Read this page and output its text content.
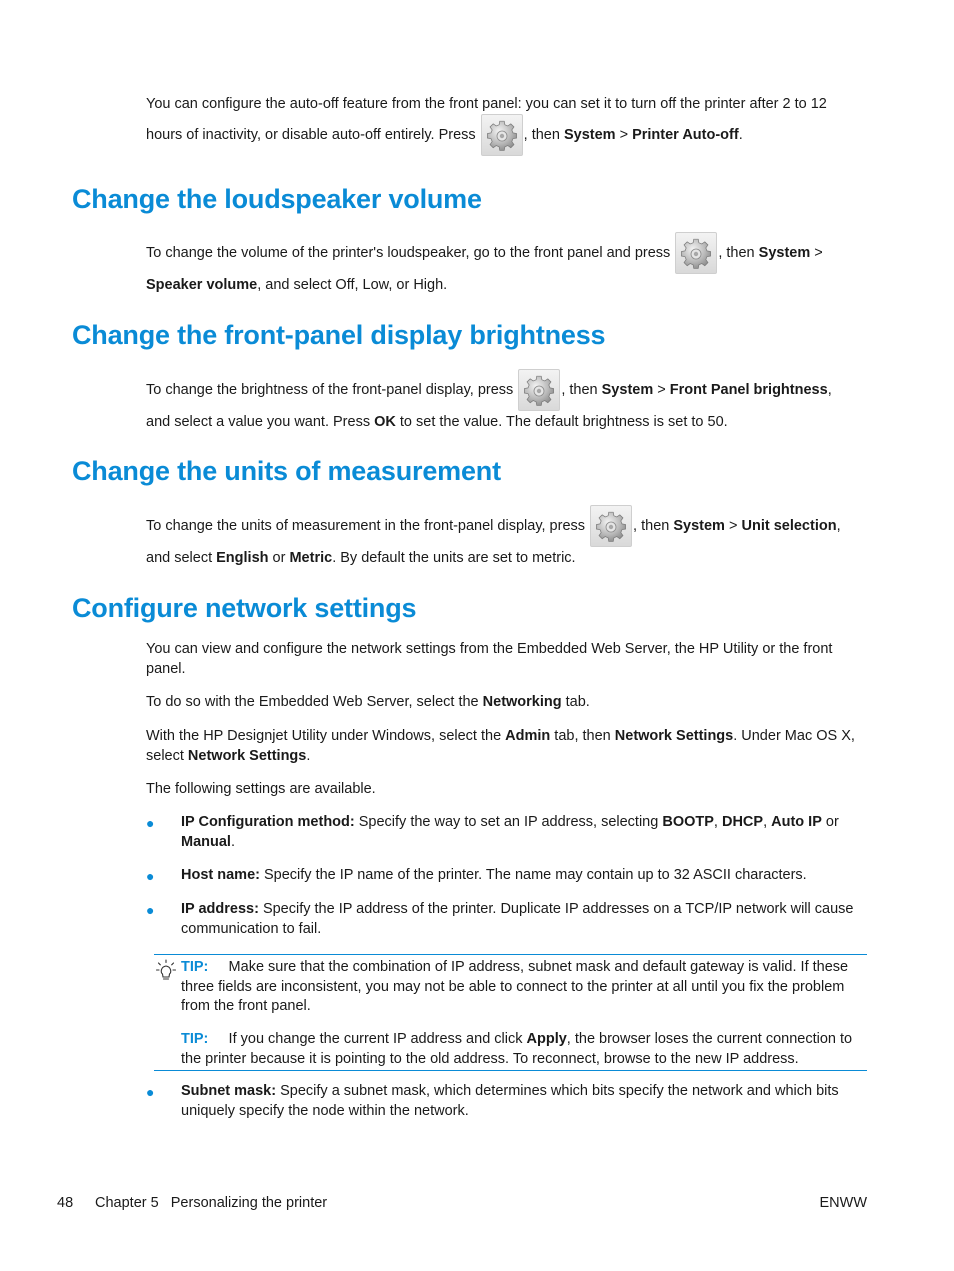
You can configure the auto-off feature from the front panel: you can set it to turn off the printer after 2 to 12

hours of inactivity, or disable auto-off entirely. Press	, then System > Printer Auto-off.

Change the loudspeaker volume

To change the volume of the printer's loudspeaker, go to the front panel and press	, then System >

Speaker volume, and select Off, Low, or High.

Change the front-panel display brightness

To change the brightness of the front-panel display, press	, then System > Front Panel brightness,

and select a value you want. Press OK to set the value. The default brightness is set to 50.

Change the units of measurement

To change the units of measurement in the front-panel display, press	, then System > Unit selection,

and select English or Metric. By default the units are set to metric.

Configure network settings

You can view and configure the network settings from the Embedded Web Server, the HP Utility or the front panel.

To do so with the Embedded Web Server, select the Networking tab.

With the HP Designjet Utility under Windows, select the Admin tab, then Network Settings. Under Mac OS X, select Network Settings.

The following settings are available.

● IP Configuration method: Specify the way to set an IP address, selecting BOOTP, DHCP, Auto IP or Manual.

● Host name: Specify the IP name of the printer. The name may contain up to 32 ASCII characters.

● IP address: Specify the IP address of the printer. Duplicate IP addresses on a TCP/IP network will cause communication to fail.

TIP: Make sure that the combination of IP address, subnet mask and default gateway is valid. If these three fields are inconsistent, you may not be able to connect to the printer at all until you fix the problem from the front panel.

TIP: If you change the current IP address and click Apply, the browser loses the current connection to the printer because it is pointing to the old address. To reconnect, browse to the new IP address.

● Subnet mask: Specify a subnet mask, which determines which bits specify the network and which bits uniquely specify the node within the network.

48 Chapter 5   Personalizing the printer	ENWW
